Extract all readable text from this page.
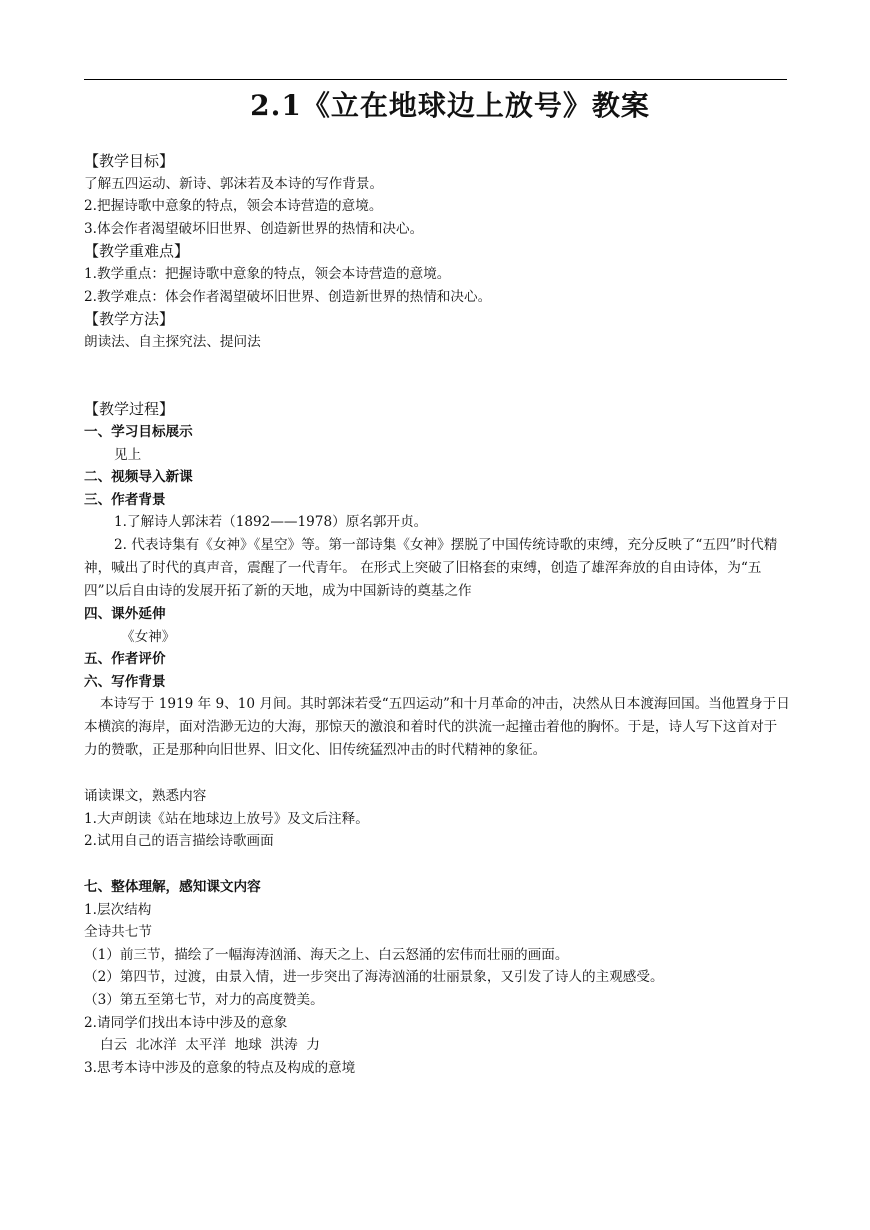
2.1《立在地球边上放号》教案
【教学目标】
了解五四运动、新诗、郭沫若及本诗的写作背景。
2.把握诗歌中意象的特点，领会本诗营造的意境。
3.体会作者渴望破坏旧世界、创造新世界的热情和决心。
【教学重难点】
1.教学重点：把握诗歌中意象的特点，领会本诗营造的意境。
2.教学难点：体会作者渴望破坏旧世界、创造新世界的热情和决心。
【教学方法】
朗读法、自主探究法、提问法
【教学过程】
一、学习目标展示
见上
二、视频导入新课
三、作者背景
1.了解诗人郭沫若（1892——1978）原名郭开贞。
2. 代表诗集有《女神》《星空》等。第一部诗集《女神》摆脱了中国传统诗歌的束缚，充分反映了“五四”时代精神，喊出了时代的真声音，震醒了一代青年。 在形式上突破了旧格套的束缚，创造了雄浑奔放的自由诗体，为“五四”以后自由诗的发展开拓了新的天地，成为中国新诗的奠基之作
四、课外延伸
《女神》
五、作者评价
六、写作背景
本诗写于 1919 年 9、10 月间。其时郭沫若受“五四运动”和十月革命的冲击，决然从日本渡海回国。当他置身于日本横滨的海岸，面对浩渺无边的大海，那惊天的激浪和着时代的洪流一起撞击着他的胸怀。于是，诗人写下这首对于力的赞歌，正是那种向旧世界、旧文化、旧传统猛烈冲击的时代精神的象征。
诵读课文，熟悉内容
1.大声朗读《站在地球边上放号》及文后注释。
2.试用自己的语言描绘诗歌画面
七、整体理解，感知课文内容
1.层次结构
全诗共七节
（1）前三节，描绘了一幅海涛汹涌、海天之上、白云怒涌的宏伟而壮丽的画面。
（2）第四节，过渡，由景入情，进一步突出了海涛汹涌的壮丽景象，又引发了诗人的主观感受。
（3）第五至第七节，对力的高度赞美。
2.请同学们找出本诗中涉及的意象
白云  北冰洋  太平洋  地球  洪涛  力
3.思考本诗中涉及的意象的特点及构成的意境
